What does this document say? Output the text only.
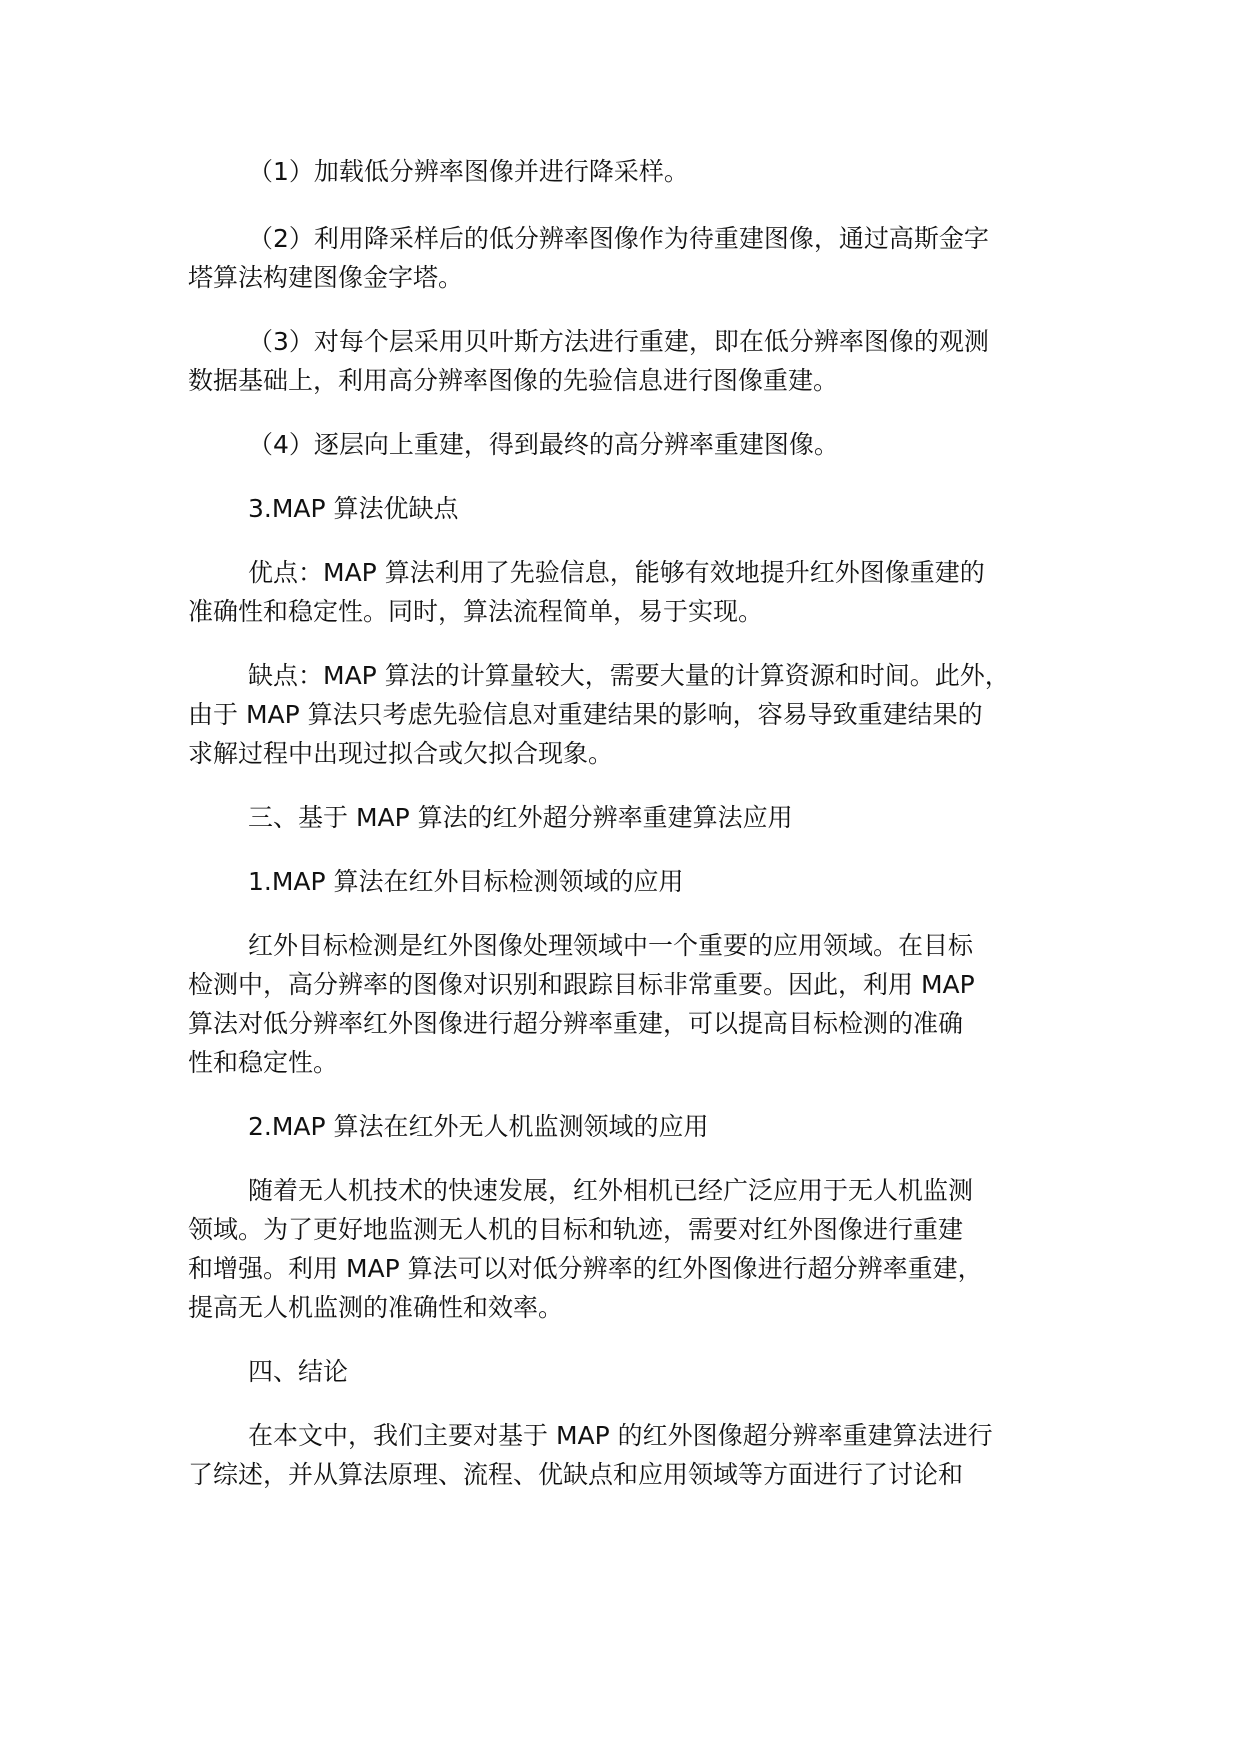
（1）加载低分辨率图像并进行降采样。

（2）利用降采样后的低分辨率图像作为待重建图像，通过高斯金字
塔算法构建图像金字塔。

（3）对每个层采用贝叶斯方法进行重建，即在低分辨率图像的观测
数据基础上，利用高分辨率图像的先验信息进行图像重建。

（4）逐层向上重建，得到最终的高分辨率重建图像。

3.MAP 算法优缺点

优点：MAP 算法利用了先验信息，能够有效地提升红外图像重建的
准确性和稳定性。同时，算法流程简单，易于实现。

缺点：MAP 算法的计算量较大，需要大量的计算资源和时间。此外，
由于 MAP 算法只考虑先验信息对重建结果的影响，容易导致重建结果的
求解过程中出现过拟合或欠拟合现象。

三、基于 MAP 算法的红外超分辨率重建算法应用

1.MAP 算法在红外目标检测领域的应用

红外目标检测是红外图像处理领域中一个重要的应用领域。在目标
检测中，高分辨率的图像对识别和跟踪目标非常重要。因此，利用 MAP
算法对低分辨率红外图像进行超分辨率重建，可以提高目标检测的准确
性和稳定性。

2.MAP 算法在红外无人机监测领域的应用

随着无人机技术的快速发展，红外相机已经广泛应用于无人机监测
领域。为了更好地监测无人机的目标和轨迹，需要对红外图像进行重建
和增强。利用 MAP 算法可以对低分辨率的红外图像进行超分辨率重建，
提高无人机监测的准确性和效率。

四、结论

在本文中，我们主要对基于 MAP 的红外图像超分辨率重建算法进行
了综述，并从算法原理、流程、优缺点和应用领域等方面进行了讨论和
